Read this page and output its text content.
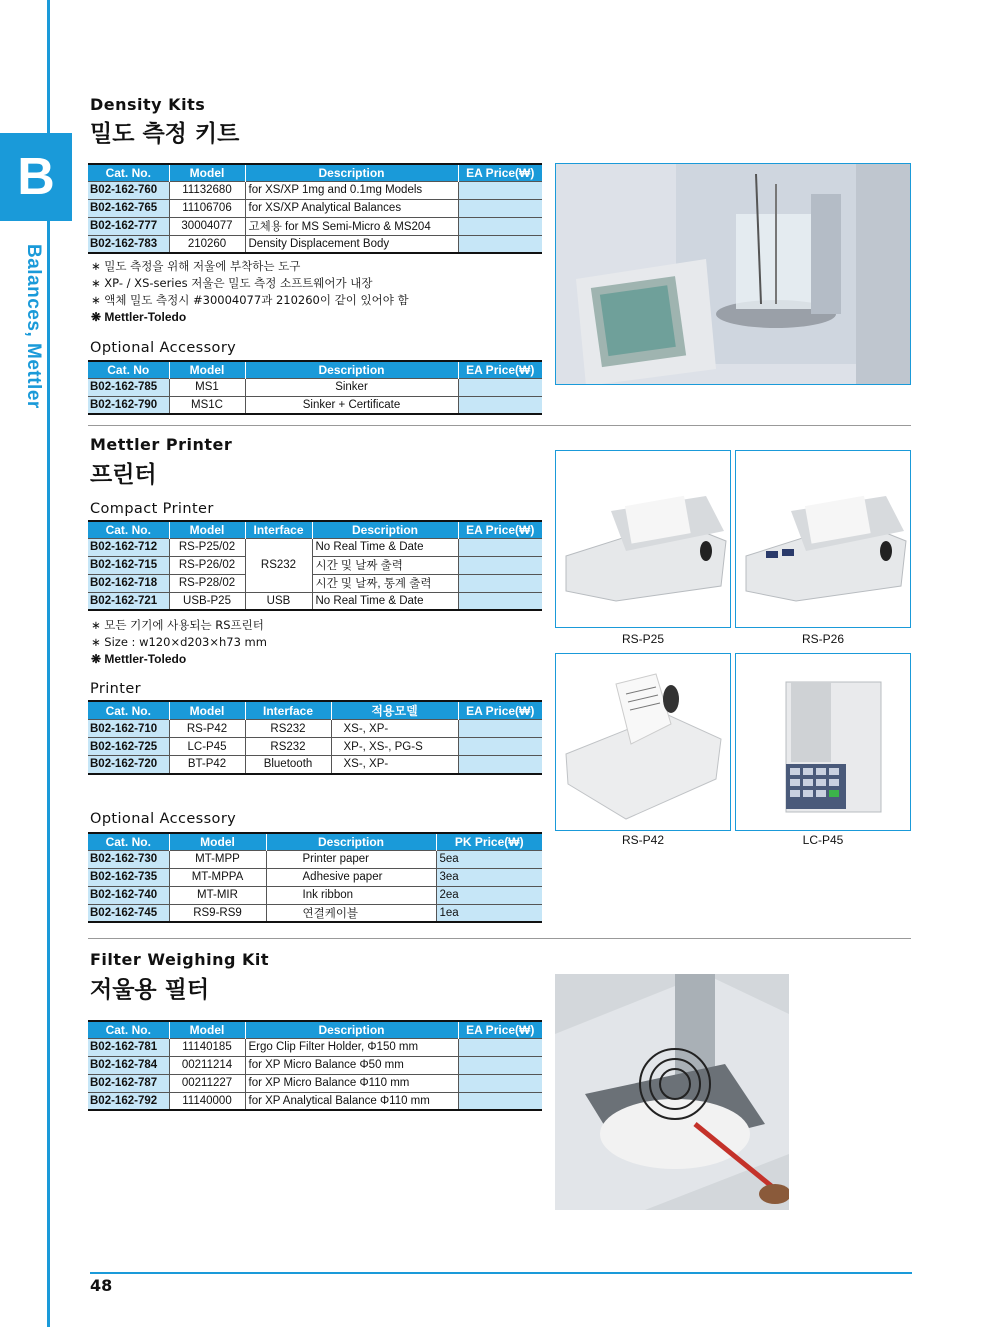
B
Balances, Mettler
Density Kits
밀도 측정 키트
Cat. No.	Model	Description	EA Price(₩)
B02-162-760	11132680	for XS/XP 1mg and 0.1mg Models	
B02-162-765	11106706	for XS/XP Analytical Balances	
B02-162-777	30004077	고체용 for MS Semi-Micro & MS204	
B02-162-783	210260	Density Displacement Body	
∗ 밀도 측정을 위해 저울에 부착하는 도구
∗ XP- / XS-series 저울은 밀도 측정 소프트웨어가 내장
∗ 액체 밀도 측정시 #30004077과 210260이 같이 있어야 함
❋ Mettler-Toledo
Optional Accessory
Cat. No	Model	Description	EA Price(₩)
B02-162-785	MS1	Sinker	
B02-162-790	MS1C	Sinker + Certificate	
Mettler Printer
프린터
Compact Printer
Cat. No.	Model	Interface	Description	EA Price(₩)
B02-162-712	RS-P25/02	RS232	No Real Time & Date	
B02-162-715	RS-P26/02		시간 및 날짜 출력	
B02-162-718	RS-P28/02		시간 및 날짜, 통계 출력	
B02-162-721	USB-P25	USB	No Real Time & Date	
∗ 모든 기기에 사용되는 RS프린터
∗ Size : w120×d203×h73 mm
❋ Mettler-Toledo
Printer
Cat. No.	Model	Interface	적용모델	EA Price(₩)
B02-162-710	RS-P42	RS232	XS-, XP-	
B02-162-725	LC-P45	RS232	XP-, XS-, PG-S	
B02-162-720	BT-P42	Bluetooth	XS-, XP-	
Optional Accessory
Cat. No.	Model	Description	PK Price(₩)
B02-162-730	MT-MPP	Printer paper	5ea
B02-162-735	MT-MPPA	Adhesive paper	3ea
B02-162-740	MT-MIR	Ink ribbon	2ea
B02-162-745	RS9-RS9	연결케이블	1ea
RS-P25	RS-P26
RS-P42	LC-P45
Filter Weighing Kit
저울용 필터
Cat. No.	Model	Description	EA Price(₩)
B02-162-781	11140185	Ergo Clip Filter Holder, Φ150 mm	
B02-162-784	00211214	for XP Micro Balance Φ50 mm	
B02-162-787	00211227	for XP Micro Balance Φ110 mm	
B02-162-792	11140000	for XP Analytical Balance Φ110 mm	
48
